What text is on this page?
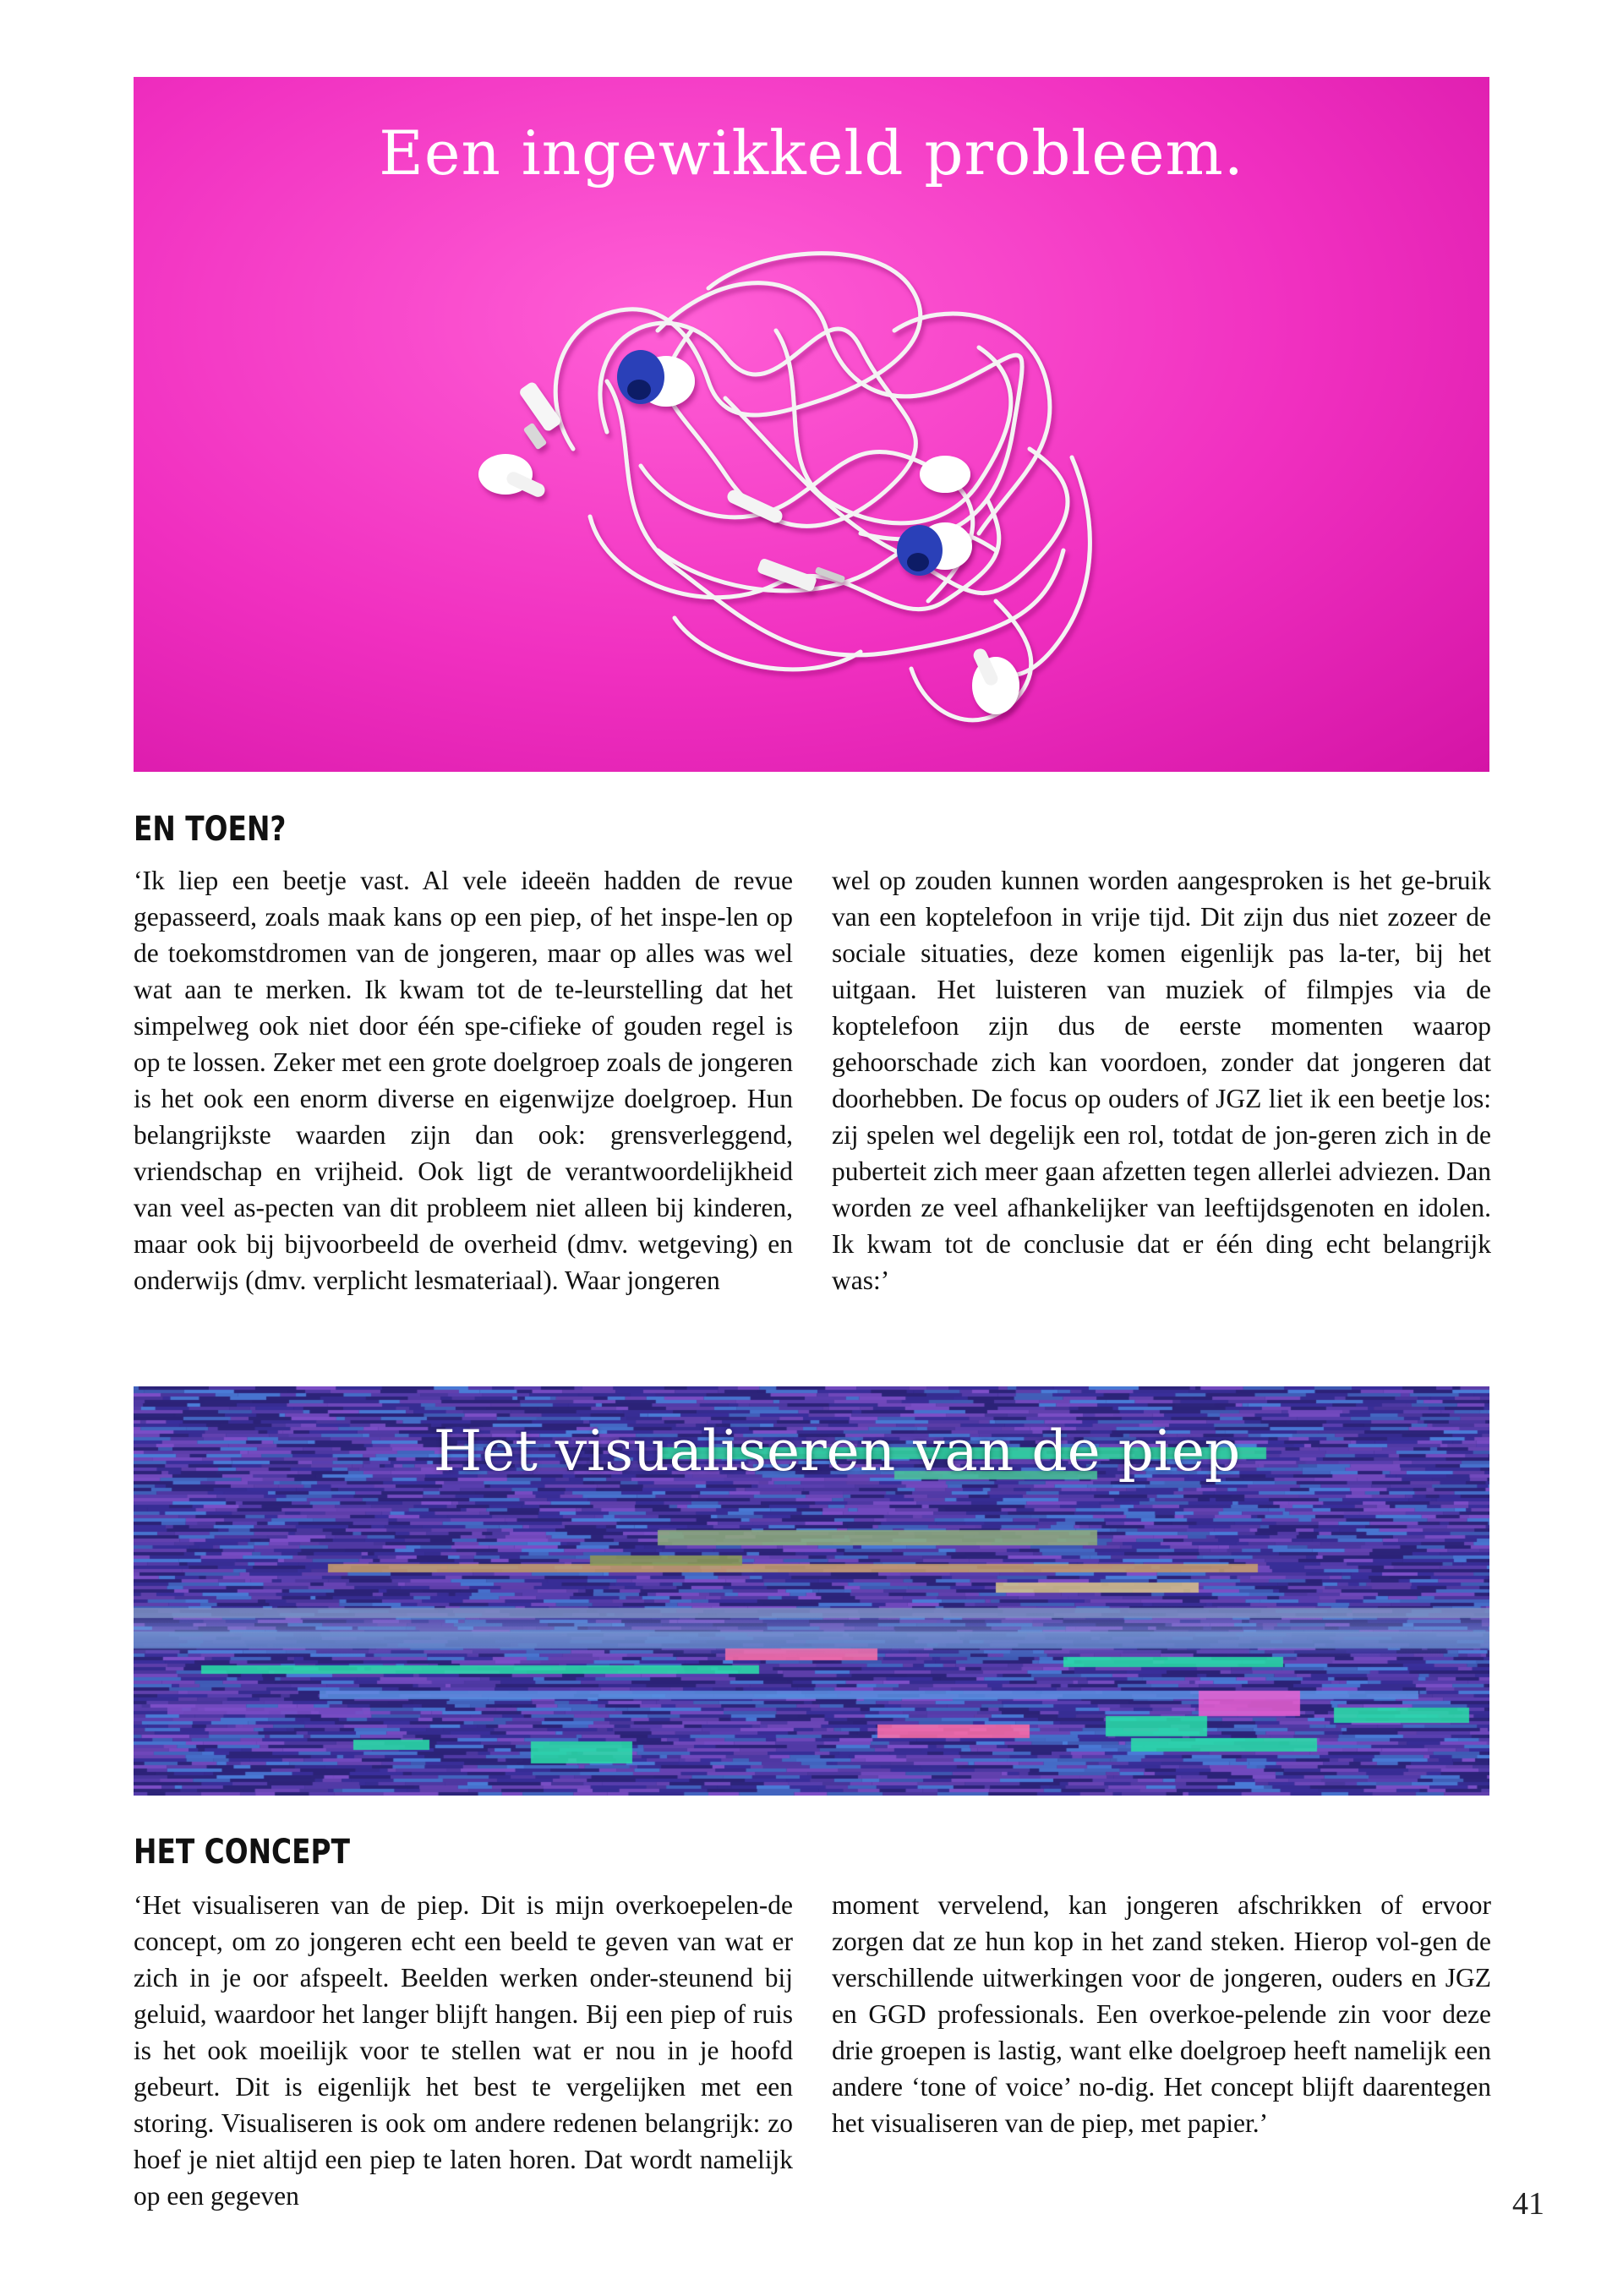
Een ingewikkeld probleem.
EN TOEN?

‘Ik liep een beetje vast. Al vele ideeën hadden de revue gepasseerd, zoals maak kans op een piep, of het inspe-len op de toekomstdromen van de jongeren, maar op alles was wel wat aan te merken. Ik kwam tot de te-leurstelling dat het simpelweg ook niet door één spe-cifieke of gouden regel is op te lossen. Zeker met een grote doelgroep zoals de jongeren is het ook een enorm diverse en eigenwijze doelgroep. Hun belangrijkste waarden zijn dan ook: grensverleggend, vriendschap en vrijheid. Ook ligt de verantwoordelijkheid van veel as-pecten van dit probleem niet alleen bij kinderen, maar ook bij bijvoorbeeld de overheid (dmv. wetgeving) en onderwijs (dmv. verplicht lesmateriaal). Waar jongeren

wel op zouden kunnen worden aangesproken is het ge-bruik van een koptelefoon in vrije tijd. Dit zijn dus niet zozeer de sociale situaties, deze komen eigenlijk pas la-ter, bij het uitgaan. Het luisteren van muziek of filmpjes via de koptelefoon zijn dus de eerste momenten waarop gehoorschade zich kan voordoen, zonder dat jongeren dat doorhebben. De focus op ouders of JGZ liet ik een beetje los: zij spelen wel degelijk een rol, totdat de jon-geren zich in de puberteit zich meer gaan afzetten tegen allerlei adviezen. Dan worden ze veel afhankelijker van leeftijdsgenoten en idolen. Ik kwam tot de conclusie dat er één ding echt belangrijk was:’

Het visualiseren van de piep
HET CONCEPT

‘Het visualiseren van de piep. Dit is mijn overkoepelen-de concept, om zo jongeren echt een beeld te geven van wat er zich in je oor afspeelt. Beelden werken onder-steunend bij geluid, waardoor het langer blijft hangen. Bij een piep of ruis is het ook moeilijk voor te stellen wat er nou in je hoofd gebeurt. Dit is eigenlijk het best te vergelijken met een storing. Visualiseren is ook om andere redenen belangrijk: zo hoef je niet altijd een piep te laten horen. Dat wordt namelijk op een gegeven

moment vervelend, kan jongeren afschrikken of ervoor zorgen dat ze hun kop in het zand steken. Hierop vol-gen de verschillende uitwerkingen voor de jongeren, ouders en JGZ en GGD professionals. Een overkoe-pelende zin voor deze drie groepen is lastig, want elke doelgroep heeft namelijk een andere ‘tone of voice’ no-dig. Het concept blijft daarentegen het visualiseren van de piep, met papier.’

41
